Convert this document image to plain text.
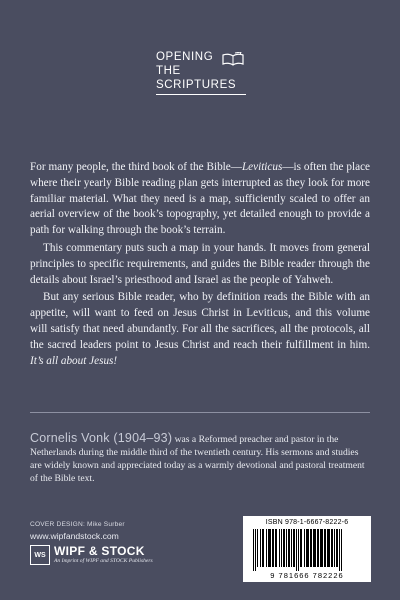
OPENING
THE
SCRIPTURES

For many people, the third book of the Bible—Leviticus—is often the place where their yearly Bible reading plan gets interrupted as they look for more familiar material. What they need is a map, sufficiently scaled to offer an aerial overview of the book’s topography, yet detailed enough to provide a path for walking through the book’s terrain.

This commentary puts such a map in your hands. It moves from general principles to specific requirements, and guides the Bible reader through the details about Israel’s priesthood and Israel as the people of Yahweh.

But any serious Bible reader, who by definition reads the Bible with an appetite, will want to feed on Jesus Christ in Leviticus, and this volume will satisfy that need abundantly. For all the sacrifices, all the protocols, all the sacred leaders point to Jesus Christ and reach their fulfillment in him. It’s all about Jesus!

Cornelis Vonk (1904–93) was a Reformed preacher and pastor in the Netherlands during the middle third of the twentieth century. His sermons and studies are widely known and appreciated today as a warmly devotional and pastoral treatment of the Bible text.
COVER DESIGN: Mike Surber
www.wipfandstock.com
WS WIPF & STOCK
An Imprint of WIPF and STOCK Publishers
ISBN 978-1-6667-8222-6
9 781666 782226
